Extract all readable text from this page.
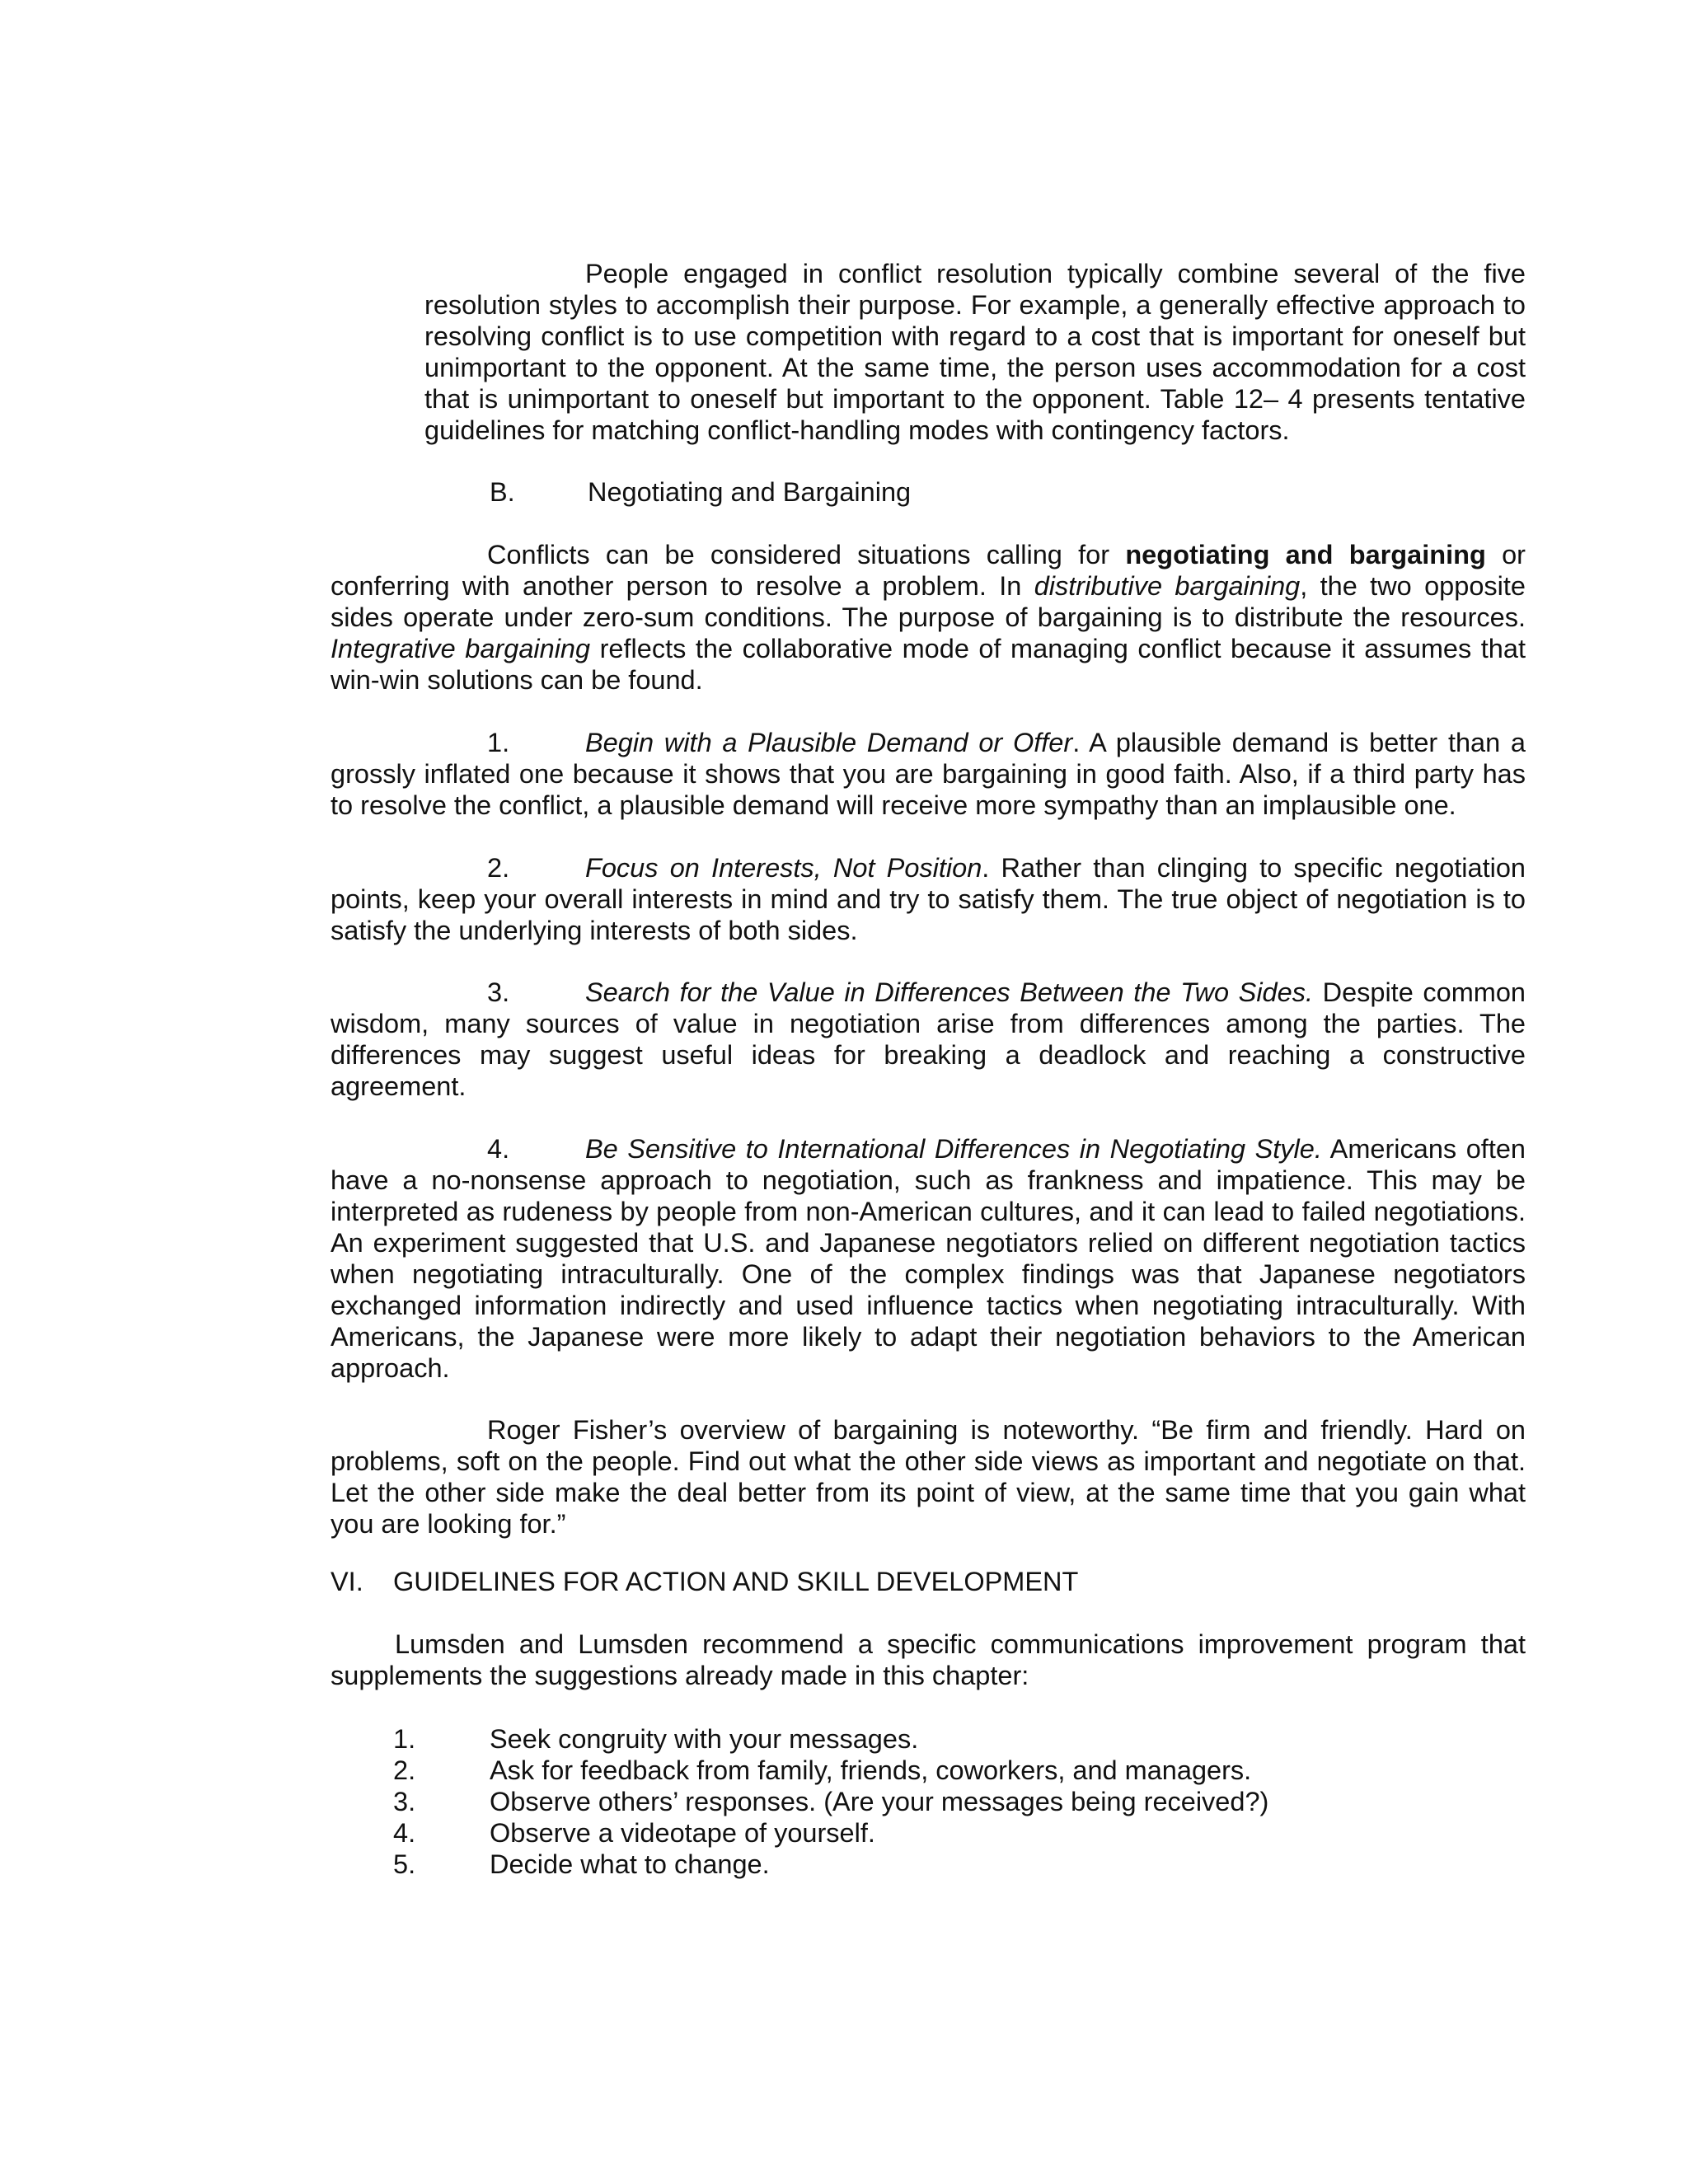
People engaged in conflict resolution typically combine several of the five resolution styles to accomplish their purpose. For example, a generally effective approach to resolving conflict is to use competition with regard to a cost that is important for oneself but unimportant to the opponent. At the same time, the person uses accommodation for a cost that is unimportant to oneself but important to the opponent. Table 12– 4 presents tentative guidelines for matching conflict-handling modes with contingency factors.

B.	Negotiating and Bargaining

Conflicts can be considered situations calling for negotiating and bargaining or conferring with another person to resolve a problem. In distributive bargaining, the two opposite sides operate under zero-sum conditions. The purpose of bargaining is to distribute the resources. Integrative bargaining reflects the collaborative mode of managing conflict because it assumes that win-win solutions can be found.

1.	Begin with a Plausible Demand or Offer. A plausible demand is better than a grossly inflated one because it shows that you are bargaining in good faith. Also, if a third party has to resolve the conflict, a plausible demand will receive more sympathy than an implausible one.

2.	Focus on Interests, Not Position. Rather than clinging to specific negotiation points, keep your overall interests in mind and try to satisfy them. The true object of negotiation is to satisfy the underlying interests of both sides.

3.	Search for the Value in Differences Between the Two Sides. Despite common wisdom, many sources of value in negotiation arise from differences among the parties. The differences may suggest useful ideas for breaking a deadlock and reaching a constructive agreement.

4.	Be Sensitive to International Differences in Negotiating Style. Americans often have a no-nonsense approach to negotiation, such as frankness and impatience. This may be interpreted as rudeness by people from non-American cultures, and it can lead to failed negotiations. An experiment suggested that U.S. and Japanese negotiators relied on different negotiation tactics when negotiating intraculturally. One of the complex findings was that Japanese negotiators exchanged information indirectly and used influence tactics when negotiating intraculturally. With Americans, the Japanese were more likely to adapt their negotiation behaviors to the American approach.

Roger Fisher’s overview of bargaining is noteworthy. “Be firm and friendly. Hard on problems, soft on the people. Find out what the other side views as important and negotiate on that. Let the other side make the deal better from its point of view, at the same time that you gain what you are looking for.”

VI. GUIDELINES FOR ACTION AND SKILL DEVELOPMENT

Lumsden and Lumsden recommend a specific communications improvement program that supplements the suggestions already made in this chapter:

1.	Seek congruity with your messages.
2.	Ask for feedback from family, friends, coworkers, and managers.
3.	Observe others’ responses. (Are your messages being received?)
4.	Observe a videotape of yourself.
5.	Decide what to change.
